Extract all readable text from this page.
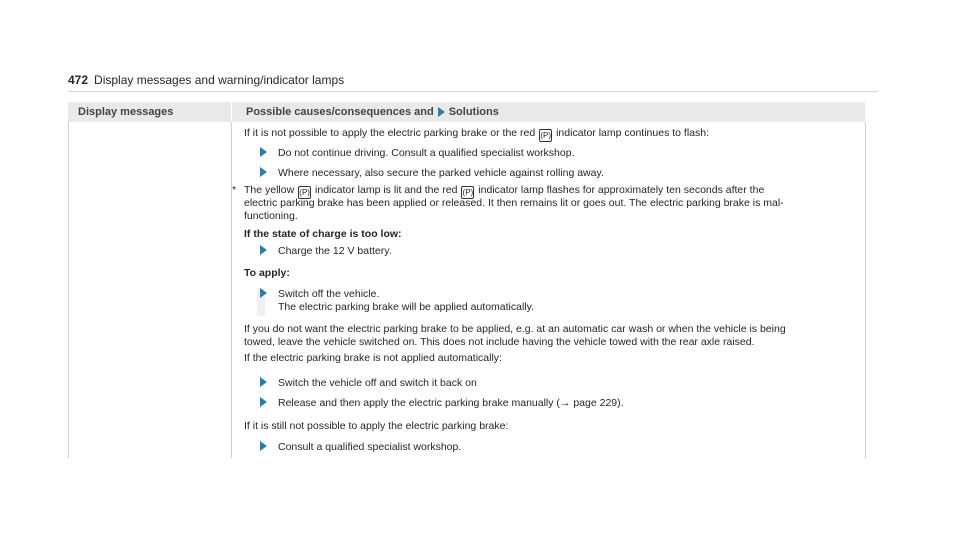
472 Display messages and warning/indicator lamps
Display messages	Possible causes/consequences and Solutions
If it is not possible to apply the electric parking brake or the red (P) indicator lamp continues to flash:
Do not continue driving. Consult a qualified specialist workshop.
Where necessary, also secure the parked vehicle against rolling away.
* The yellow (P) indicator lamp is lit and the red (P) indicator lamp flashes for approximately ten seconds after the
electric parking brake has been applied or released. It then remains lit or goes out. The electric parking brake is mal-
functioning.
If the state of charge is too low:
Charge the 12 V battery.
To apply:
Switch off the vehicle.
The electric parking brake will be applied automatically.
If you do not want the electric parking brake to be applied, e.g. at an automatic car wash or when the vehicle is being
towed, leave the vehicle switched on. This does not include having the vehicle towed with the rear axle raised.
If the electric parking brake is not applied automatically:
Switch the vehicle off and switch it back on
Release and then apply the electric parking brake manually (→ page 229).
If it is still not possible to apply the electric parking brake:
Consult a qualified specialist workshop.
